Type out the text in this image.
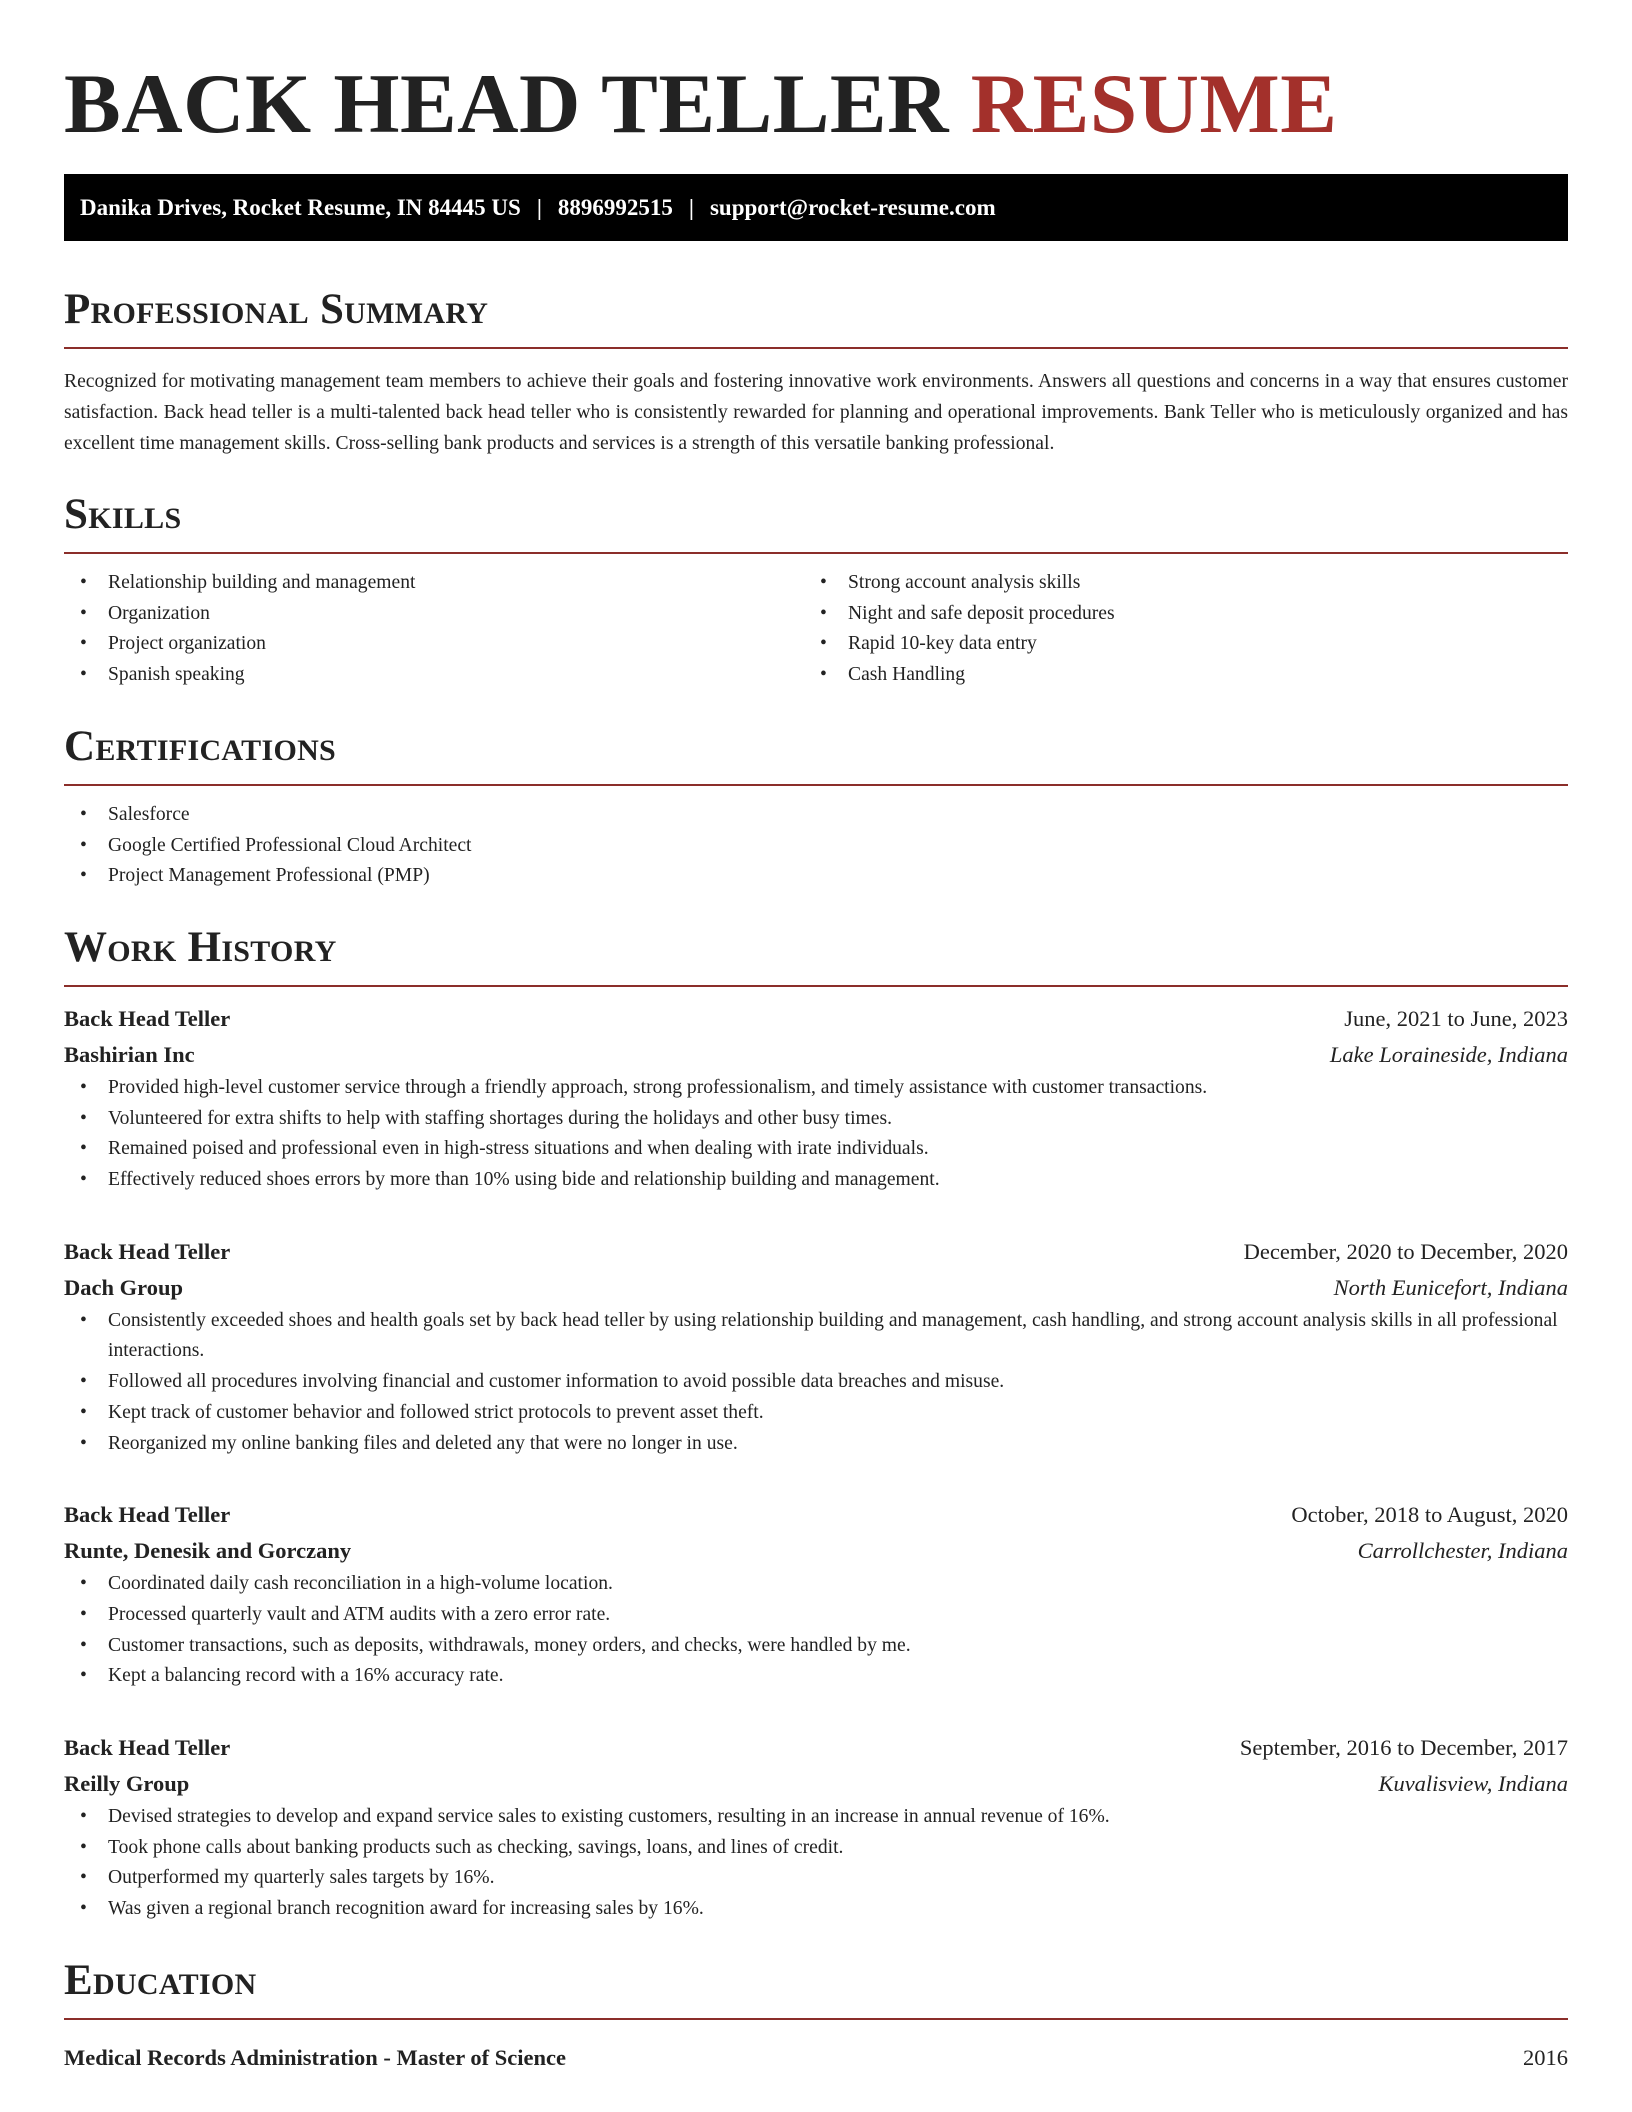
BACK HEAD TELLER RESUME
Danika Drives, Rocket Resume, IN 84445 US | 8896992515 | support@rocket-resume.com
Professional Summary

Recognized for motivating management team members to achieve their goals and fostering innovative work environments. Answers all questions and concerns in a way that ensures customer satisfaction. Back head teller is a multi-talented back head teller who is consistently rewarded for planning and operational improvements. Bank Teller who is meticulously organized and has excellent time management skills. Cross-selling bank products and services is a strength of this versatile banking professional.

Skills
• Relationship building and management
• Organization
• Project organization
• Spanish speaking
• Strong account analysis skills
• Night and safe deposit procedures
• Rapid 10-key data entry
• Cash Handling
Certifications
• Salesforce
• Google Certified Professional Cloud Architect
• Project Management Professional (PMP)
Work History
Back Head Teller	June, 2021 to June, 2023
Bashirian Inc	Lake Loraineside, Indiana
• Provided high-level customer service through a friendly approach, strong professionalism, and timely assistance with customer transactions.
• Volunteered for extra shifts to help with staffing shortages during the holidays and other busy times.
• Remained poised and professional even in high-stress situations and when dealing with irate individuals.
• Effectively reduced shoes errors by more than 10% using bide and relationship building and management.
Back Head Teller	December, 2020 to December, 2020
Dach Group	North Eunicefort, Indiana
• Consistently exceeded shoes and health goals set by back head teller by using relationship building and management, cash handling, and strong account analysis skills in all professional interactions.
• Followed all procedures involving financial and customer information to avoid possible data breaches and misuse.
• Kept track of customer behavior and followed strict protocols to prevent asset theft.
• Reorganized my online banking files and deleted any that were no longer in use.
Back Head Teller	October, 2018 to August, 2020
Runte, Denesik and Gorczany	Carrollchester, Indiana
• Coordinated daily cash reconciliation in a high-volume location.
• Processed quarterly vault and ATM audits with a zero error rate.
• Customer transactions, such as deposits, withdrawals, money orders, and checks, were handled by me.
• Kept a balancing record with a 16% accuracy rate.
Back Head Teller	September, 2016 to December, 2017
Reilly Group	Kuvalisview, Indiana
• Devised strategies to develop and expand service sales to existing customers, resulting in an increase in annual revenue of 16%.
• Took phone calls about banking products such as checking, savings, loans, and lines of credit.
• Outperformed my quarterly sales targets by 16%.
• Was given a regional branch recognition award for increasing sales by 16%.
Education
Medical Records Administration - Master of Science	2016
